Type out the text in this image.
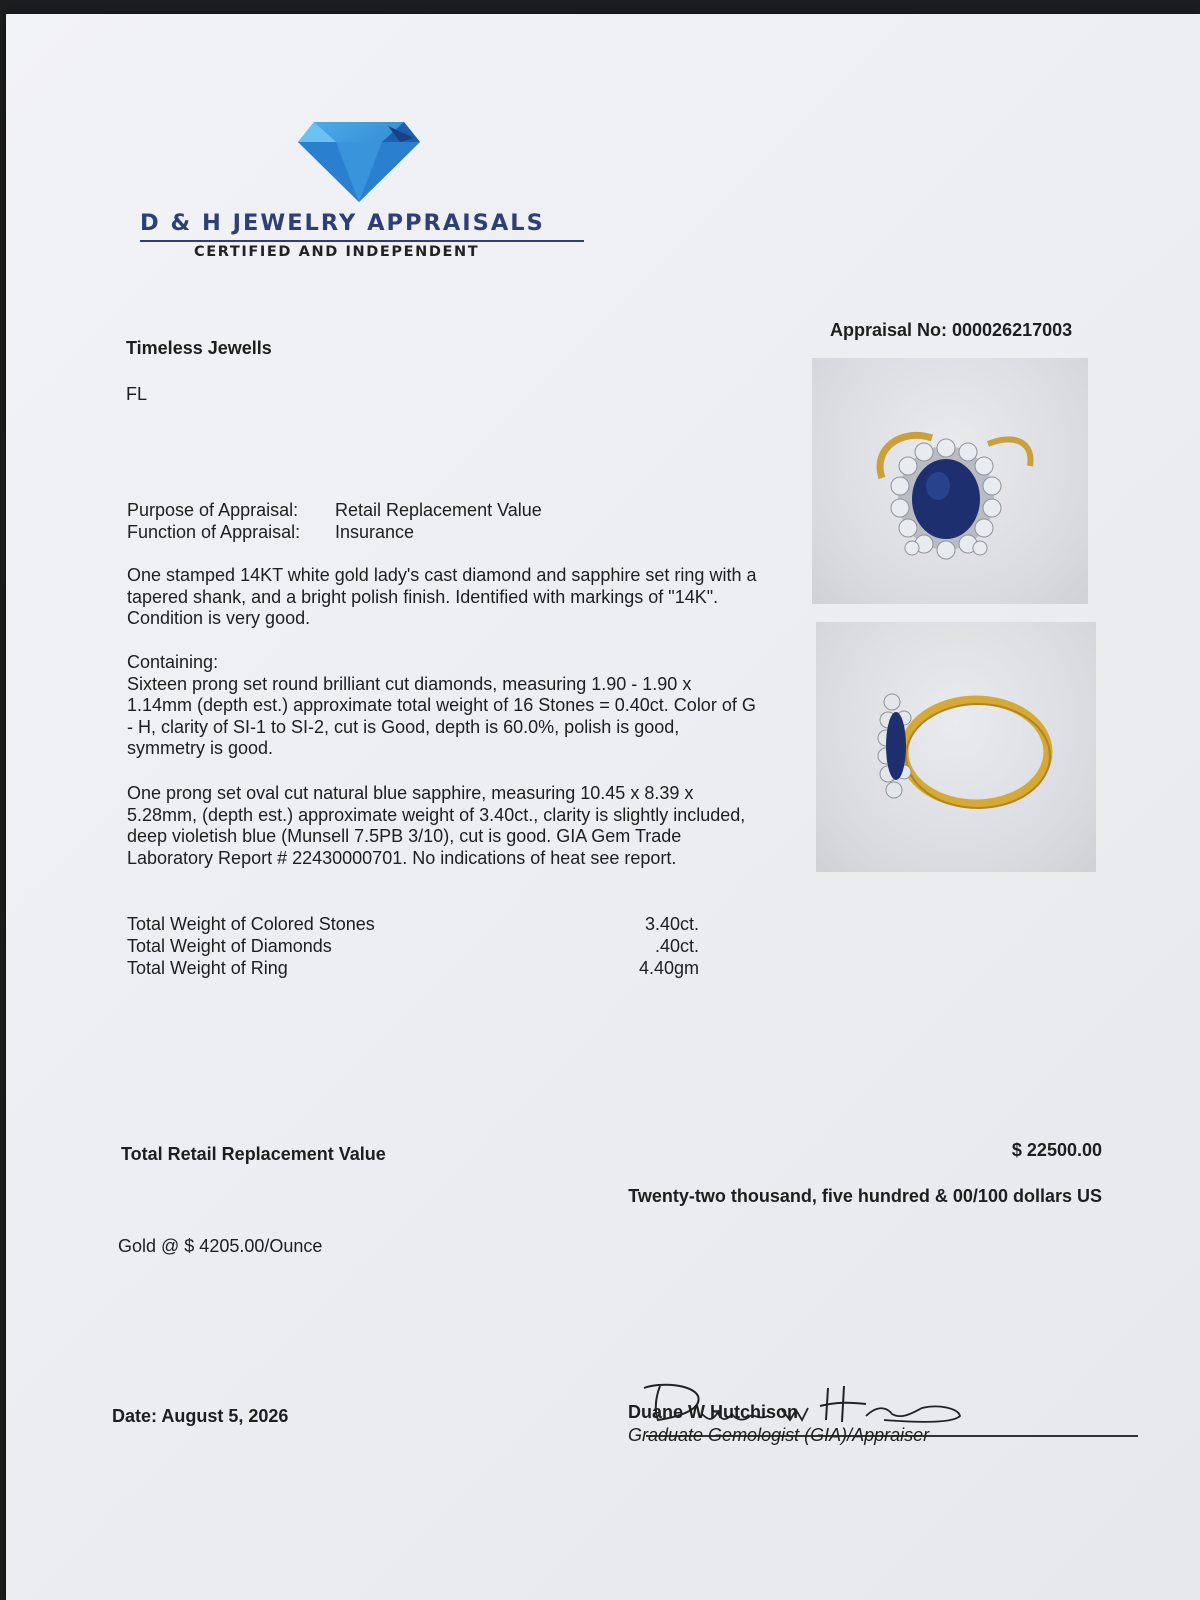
D & H JEWELRY APPRAISALS
CERTIFIED AND INDEPENDENT
Timeless Jewells
FL
Appraisal No: 000026217003
Purpose of Appraisal: Retail Replacement Value
Function of Appraisal: Insurance
One stamped 14KT white gold lady's cast diamond and sapphire set ring with a
tapered shank, and a bright polish finish. Identified with markings of "14K".
Condition is very good.
Containing:
Sixteen prong set round brilliant cut diamonds, measuring 1.90 - 1.90 x
1.14mm (depth est.) approximate total weight of 16 Stones = 0.40ct. Color of G
- H, clarity of SI-1 to SI-2, cut is Good, depth is 60.0%, polish is good,
symmetry is good.
One prong set oval cut natural blue sapphire, measuring 10.45 x 8.39 x
5.28mm, (depth est.) approximate weight of 3.40ct., clarity is slightly included,
deep violetish blue (Munsell 7.5PB 3/10), cut is good. GIA Gem Trade
Laboratory Report # 22430000701. No indications of heat see report.
Total Weight of Colored Stones	3.40ct.
Total Weight of Diamonds	.40ct.
Total Weight of Ring	4.40gm
Total Retail Replacement Value	$ 22500.00
Twenty-two thousand, five hundred & 00/100 dollars US
Gold @ $ 4205.00/Ounce
Date: August 5, 2026	Duane W Hutchison
Graduate Gemologist (GIA)/Appraiser
